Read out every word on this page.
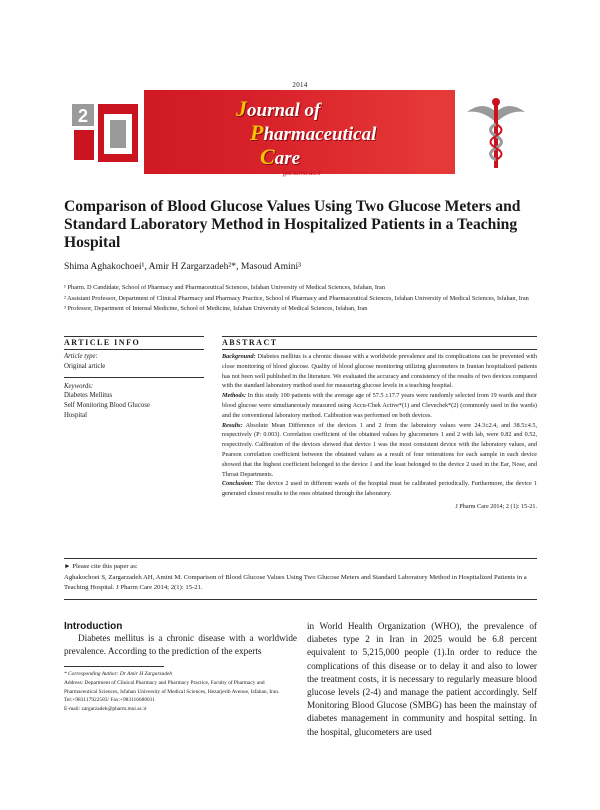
2014
2	Journal of
Pharmaceutical
Care
jpc.tums.ac.ir
Comparison of Blood Glucose Values Using Two Glucose Meters and Standard Laboratory Method in Hospitalized Patients in a Teaching Hospital
Shima Aghakochoei¹, Amir H Zargarzadeh²*, Masoud Amini³

¹ Pharm. D Candidate, School of Pharmacy and Pharmaceutical Sciences, Isfahan University of Medical Sciences, Isfahan, Iran

² Assistant Professor, Department of Clinical Pharmacy and Pharmacy Practice, School of Pharmacy and Pharmaceutical Sciences, Isfahan University of Medical Sciences, Isfahan, Iran

³ Professor, Department of Internal Medicine, School of Medicine, Isfahan University of Medical Sciences, Isfahan, Iran

ARTICLE INFO	ABSTRACT

Article type:

Original article

Keywords:

Diabetes Mellitus

Self Monitoring Blood Glucose

Hospital

Background: Diabetes mellitus is a chronic disease with a worldwide prevalence and its complications can be prevented with close monitoring of blood glucose. Quality of blood glucose monitoring utilizing glucometers in Iranian hospitalized patients has not been well published in the literature. We evaluated the accuracy and consistency of the results of two devices compared with the standard laboratory method used for measuring glucose levels in a teaching hospital.

Methods: In this study 100 patients with the average age of 57.5 ±17.7 years were randomly selected from 19 wards and their blood glucose were simultaneously measured using Accu-Chek Active*(1) and Clevechek*(2) (commonly used in the wards) and the conventional laboratory method. Calibration was performed on both devices.

Results: Absolute Mean Difference of the devices 1 and 2 from the laboratory values were 24.3±2.4, and 38.5±4.5, respectively (P: 0.003). Correlation coefficient of the obtained values by glucometers 1 and 2 with lab, were 0.82 and 0.52, respectively. Calibration of the devices showed that device 1 was the most consistent device with the laboratory values, and Pearson correlation coefficient between the obtained values as a result of four reiterations for each sample in each device showed that the highest coefficient belonged to the device 1 and the least belonged to the device 2 used in the Ear, Nose, and Throat Departments.

Conclusion: The device 2 used in different wards of the hospital must be calibrated periodically. Furthermore, the device 1 generated closest results to the ones obtained through the laboratory.

J Pharm Care 2014; 2 (1): 15-21.

► Please cite this paper as:

Aghakochoei S, Zargarzadeh AH, Amini M. Comparison of Blood Glucose Values Using Two Glucose Meters and Standard Laboratory Method in Hospitalized Patients in a Teaching Hospital. J Pharm Care 2014; 2(1): 15-21.

Introduction
Diabetes mellitus is a chronic disease with a worldwide prevalence. According to the prediction of the experts
in World Health Organization (WHO), the prevalence of diabetes type 2 in Iran in 2025 would be 6.8 percent equivalent to 5,215,000 people (1).In order to reduce the complications of this disease or to delay it and also to lower the treatment costs, it is necessary to regularly measure blood glucose levels (2-4) and manage the patient accordingly. Self Monitoring Blood Glucose (SMBG) has been the mainstay of diabetes management in community and hospital setting. In the hospital, glucometers are used

* Corresponding Author: Dr Amir H Zargarzadeh

Address: Department of Clinical Pharmacy and Pharmacy Practice, Faculty of Pharmacy and Pharmaceutical Sciences, Isfahan University of Medical Sciences, Hezarjerib Avenue, Isfahan, Iran. Tel:+983117922583/ Fax:+983116680011

E-mail: zargarzadeh@pharm.mui.ac.ir
